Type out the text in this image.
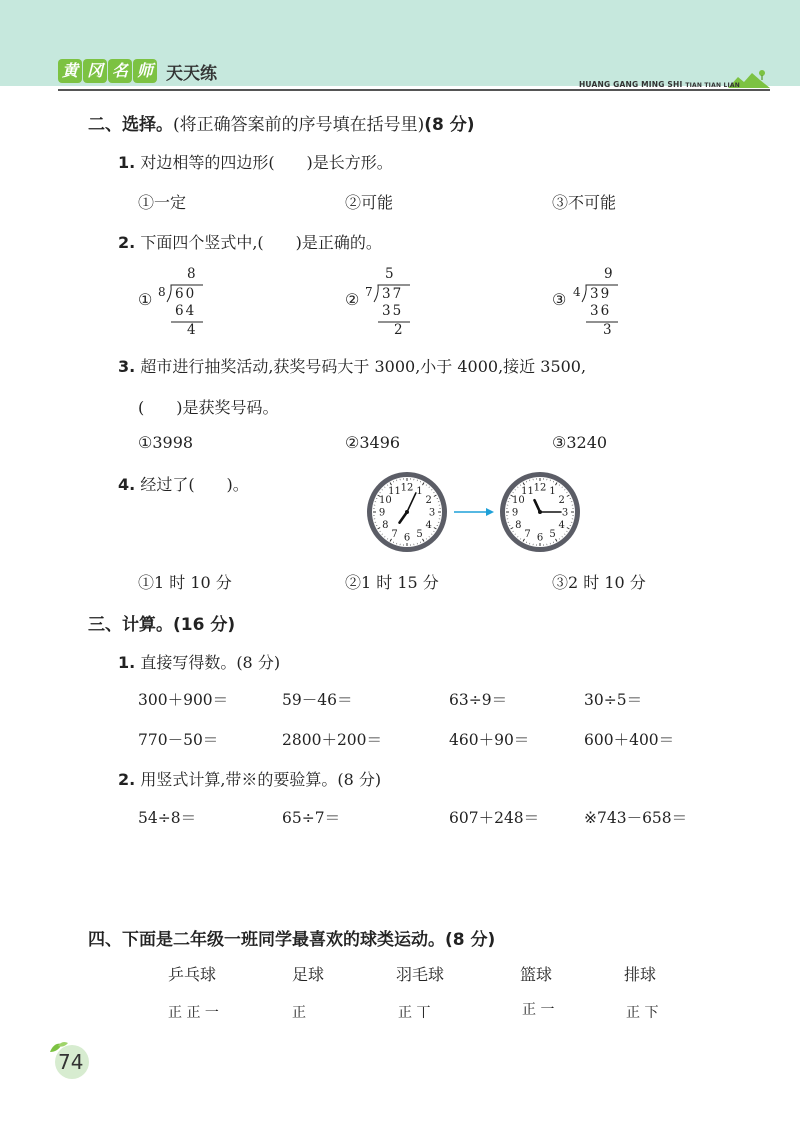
黄 冈 名 师 天天练
HUANG GANG MING SHI TIAN TIAN LIAN
二、选择。(将正确答案前的序号填在括号里)(8 分)
1. 对边相等的四边形(　　)是长方形。
①一定	②可能	③不可能
2. 下面四个竖式中,(　　)是正确的。
①
8
8 60
64
4
②
5
7 37
35
2
③
9
4 39
36
3
3. 超市进行抽奖活动,获奖号码大于 3000,小于 4000,接近 3500,
(　　)是获奖号码。
①3998	②3496	③3240
4. 经过了(　　)。	12 1
2
3
4
5
6
7
8
9
10
11	12 1
2
3
4
5
6
7
8
9
10
11
①1 时 10 分	②1 时 15 分	③2 时 10 分
三、计算。(16 分)
1. 直接写得数。(8 分)
300＋900＝	59－46＝	63÷9＝	30÷5＝
770－50＝	2800＋200＝	460＋90＝	600＋400＝
2. 用竖式计算,带※的要验算。(8 分)
54÷8＝	65÷7＝	607＋248＝	※743－658＝
四、下面是二年级一班同学最喜欢的球类运动。(8 分)
乒乓球	足球	羽毛球	篮球	排球
正 正 一	正	正 丅	正 一	正 下
74
